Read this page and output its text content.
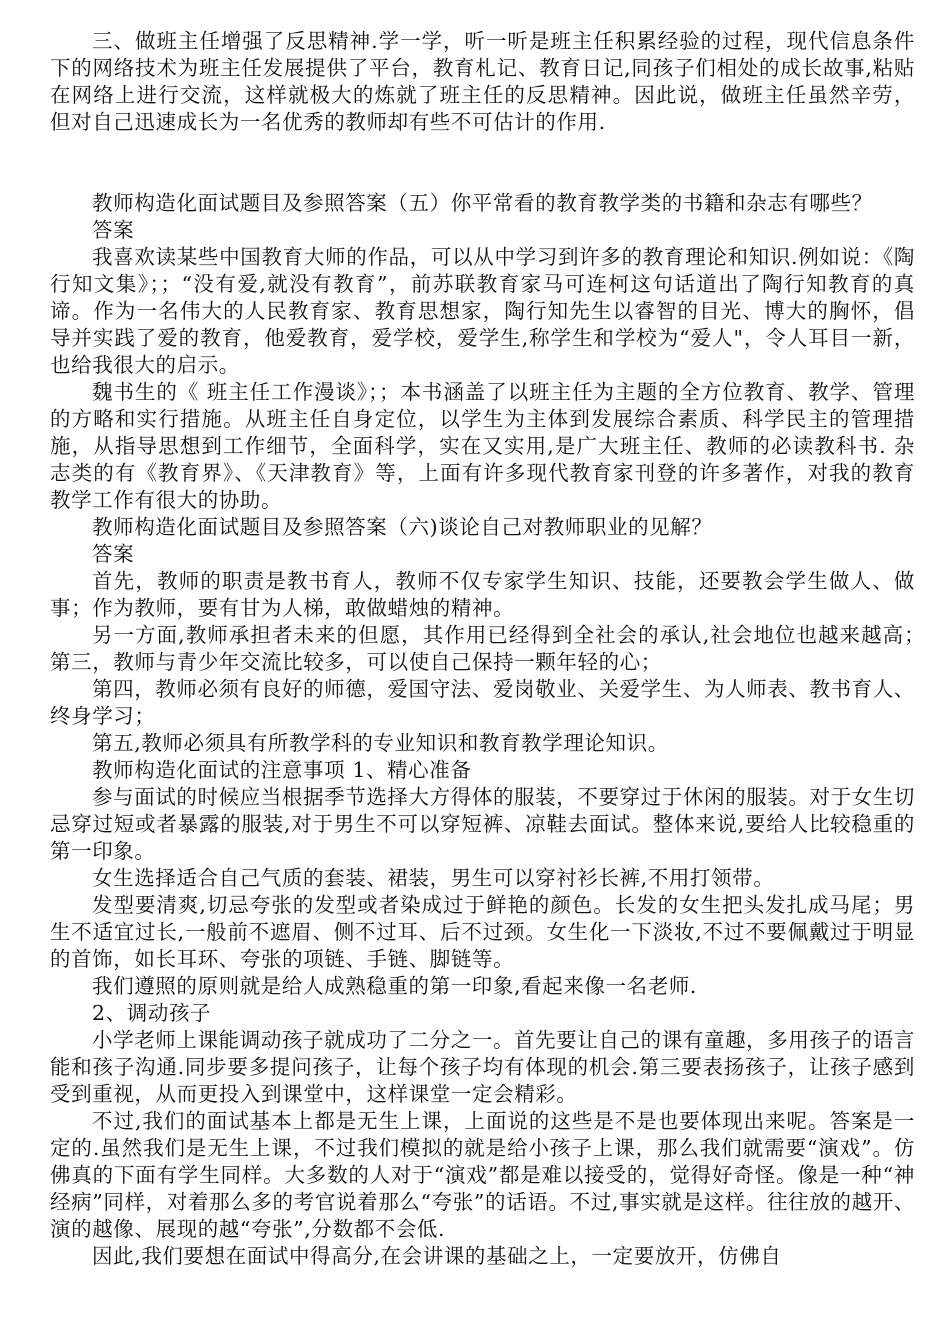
三、做班主任增强了反思精神.学一学，听一听是班主任积累经验的过程，现代信息条件下的网络技术为班主任发展提供了平台，教育札记、教育日记,同孩子们相处的成长故事,粘贴在网络上进行交流，这样就极大的炼就了班主任的反思精神。因此说，做班主任虽然辛劳，但对自己迅速成长为一名优秀的教师却有些不可估计的作用.

教师构造化面试题目及参照答案（五）你平常看的教育教学类的书籍和杂志有哪些？

答案

我喜欢读某些中国教育大师的作品，可以从中学习到许多的教育理论和知识.例如说：《陶行知文集》；；“没有爱,就没有教育”，前苏联教育家马可连柯这句话道出了陶行知教育的真谛。作为一名伟大的人民教育家、教育思想家，陶行知先生以睿智的目光、博大的胸怀，倡导并实践了爱的教育，他爱教育，爱学校，爱学生,称学生和学校为“爱人"，令人耳目一新，也给我很大的启示。

魏书生的《 班主任工作漫谈》；；本书涵盖了以班主任为主题的全方位教育、教学、管理的方略和实行措施。从班主任自身定位，以学生为主体到发展综合素质、科学民主的管理措施，从指导思想到工作细节，全面科学，实在又实用,是广大班主任、教师的必读教科书. 杂志类的有《教育界》、《天津教育》等，上面有许多现代教育家刊登的许多著作，对我的教育教学工作有很大的协助。

教师构造化面试题目及参照答案（六)谈论自己对教师职业的见解？

答案

首先，教师的职责是教书育人，教师不仅专家学生知识、技能，还要教会学生做人、做事；作为教师，要有甘为人梯，敢做蜡烛的精神。

另一方面,教师承担者未来的但愿，其作用已经得到全社会的承认,社会地位也越来越高；　第三，教师与青少年交流比较多，可以使自己保持一颗年轻的心；

第四，教师必须有良好的师德，爱国守法、爱岗敬业、关爱学生、为人师表、教书育人、终身学习；

第五,教师必须具有所教学科的专业知识和教育教学理论知识。

教师构造化面试的注意事项 1、精心准备

参与面试的时候应当根据季节选择大方得体的服装，不要穿过于休闲的服装。对于女生切忌穿过短或者暴露的服装,对于男生不可以穿短裤、凉鞋去面试。整体来说,要给人比较稳重的第一印象。

女生选择适合自己气质的套装、裙装，男生可以穿衬衫长裤,不用打领带。

发型要清爽,切忌夸张的发型或者染成过于鲜艳的颜色。长发的女生把头发扎成马尾；男生不适宜过长,一般前不遮眉、侧不过耳、后不过颈。女生化一下淡妆,不过不要佩戴过于明显的首饰，如长耳环、夸张的项链、手链、脚链等。

我们遵照的原则就是给人成熟稳重的第一印象,看起来像一名老师.

2、调动孩子

小学老师上课能调动孩子就成功了二分之一。首先要让自己的课有童趣，多用孩子的语言能和孩子沟通.同步要多提问孩子，让每个孩子均有体现的机会.第三要表扬孩子，让孩子感到受到重视，从而更投入到课堂中，这样课堂一定会精彩。

不过,我们的面试基本上都是无生上课，上面说的这些是不是也要体现出来呢。答案是一定的.虽然我们是无生上课，不过我们模拟的就是给小孩子上课，那么我们就需要“演戏”。仿佛真的下面有学生同样。大多数的人对于“演戏”都是难以接受的，觉得好奇怪。像是一种“神经病”同样，对着那么多的考官说着那么“夸张”的话语。不过,事实就是这样。往往放的越开、演的越像、展现的越“夸张”,分数都不会低.

因此,我们要想在面试中得高分,在会讲课的基础之上，一定要放开，仿佛自
